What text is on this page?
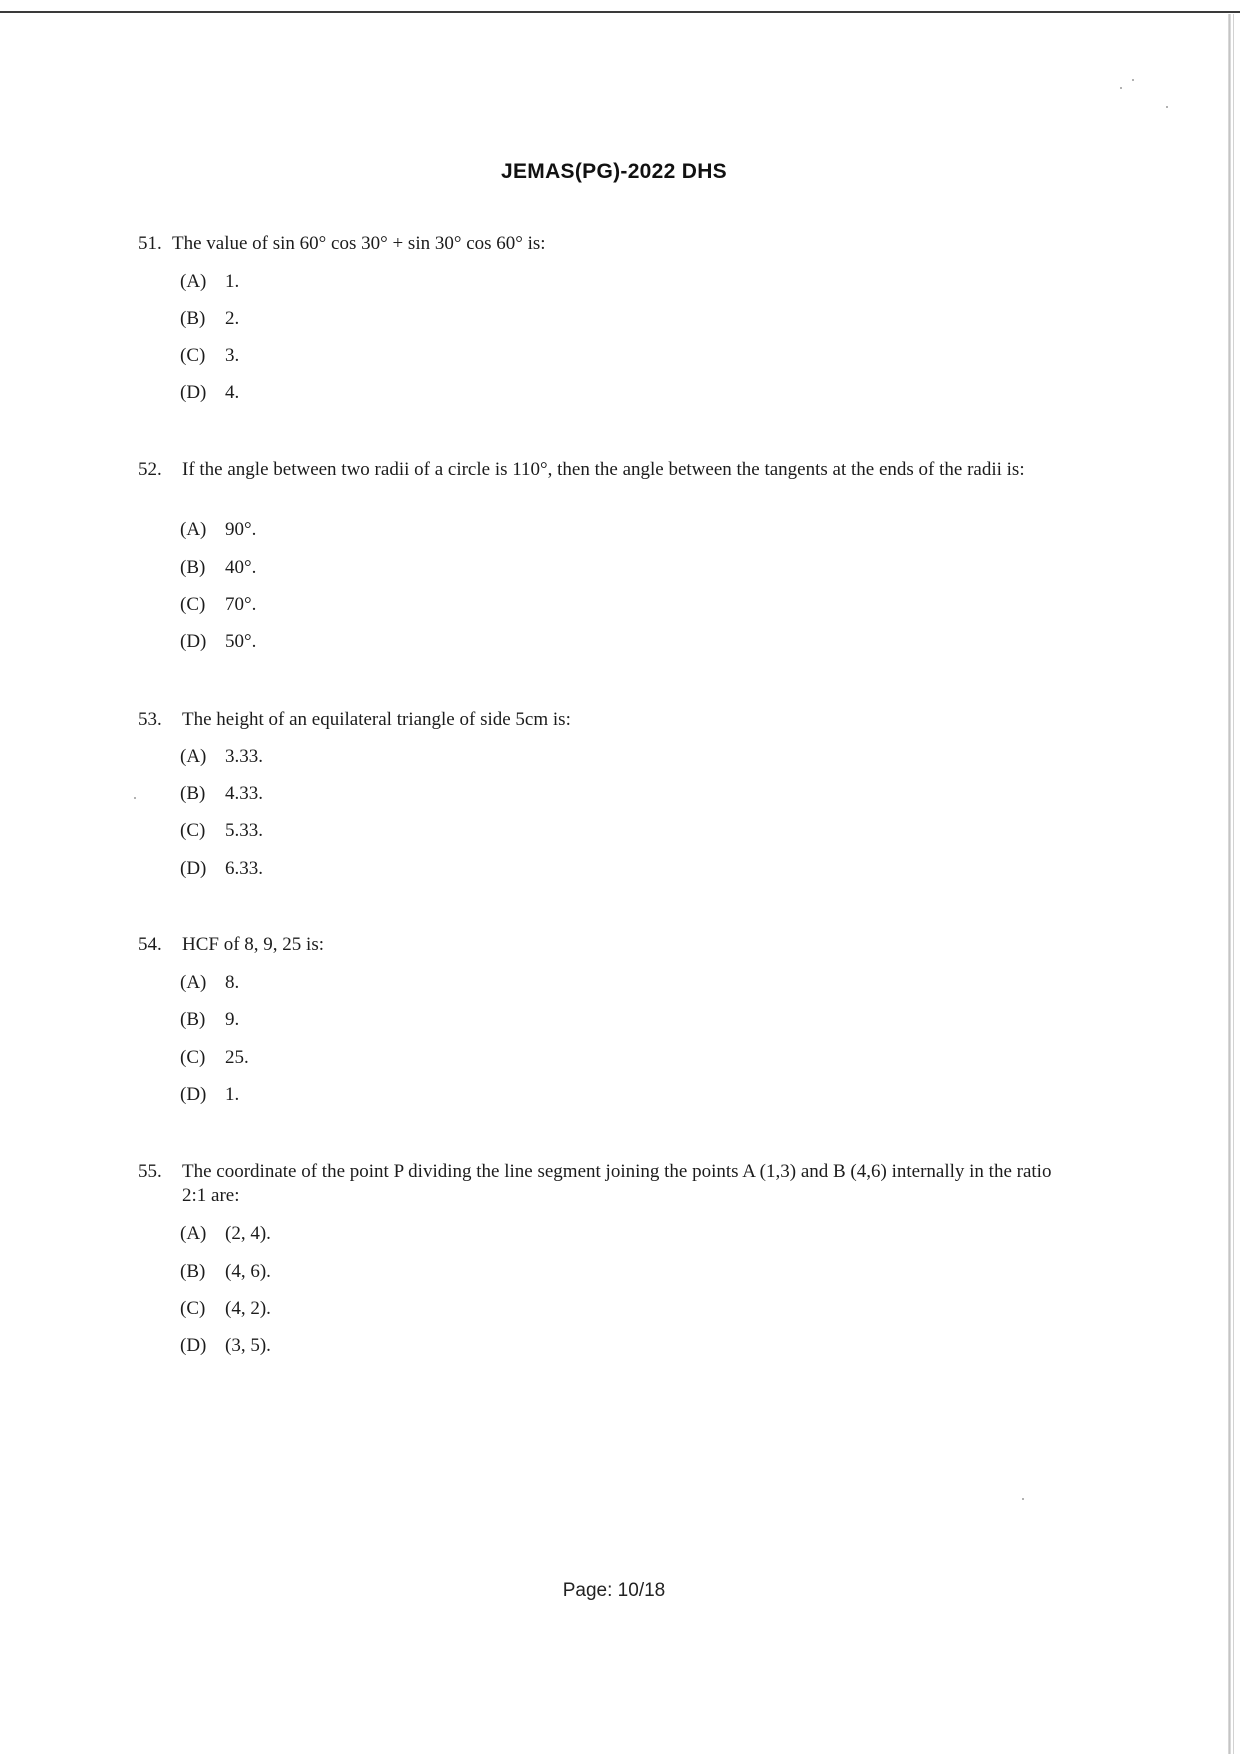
JEMAS(PG)-2022 DHS
51. The value of sin 60° cos 30° + sin 30° cos 60° is:
(A) 1.
(B) 2.
(C) 3.
(D) 4.
52. If the angle between two radii of a circle is 110°, then the angle between the tangents at the ends of the radii is:
(A) 90°.
(B) 40°.
(C) 70°.
(D) 50°.
53. The height of an equilateral triangle of side 5cm is:
(A) 3.33.
(B) 4.33.
(C) 5.33.
(D) 6.33.
54. HCF of 8, 9, 25 is:
(A) 8.
(B) 9.
(C) 25.
(D) 1.
55. The coordinate of the point P dividing the line segment joining the points A (1,3) and B (4,6) internally in the ratio 2:1 are:
(A) (2, 4).
(B) (4, 6).
(C) (4, 2).
(D) (3, 5).
Page: 10/18
